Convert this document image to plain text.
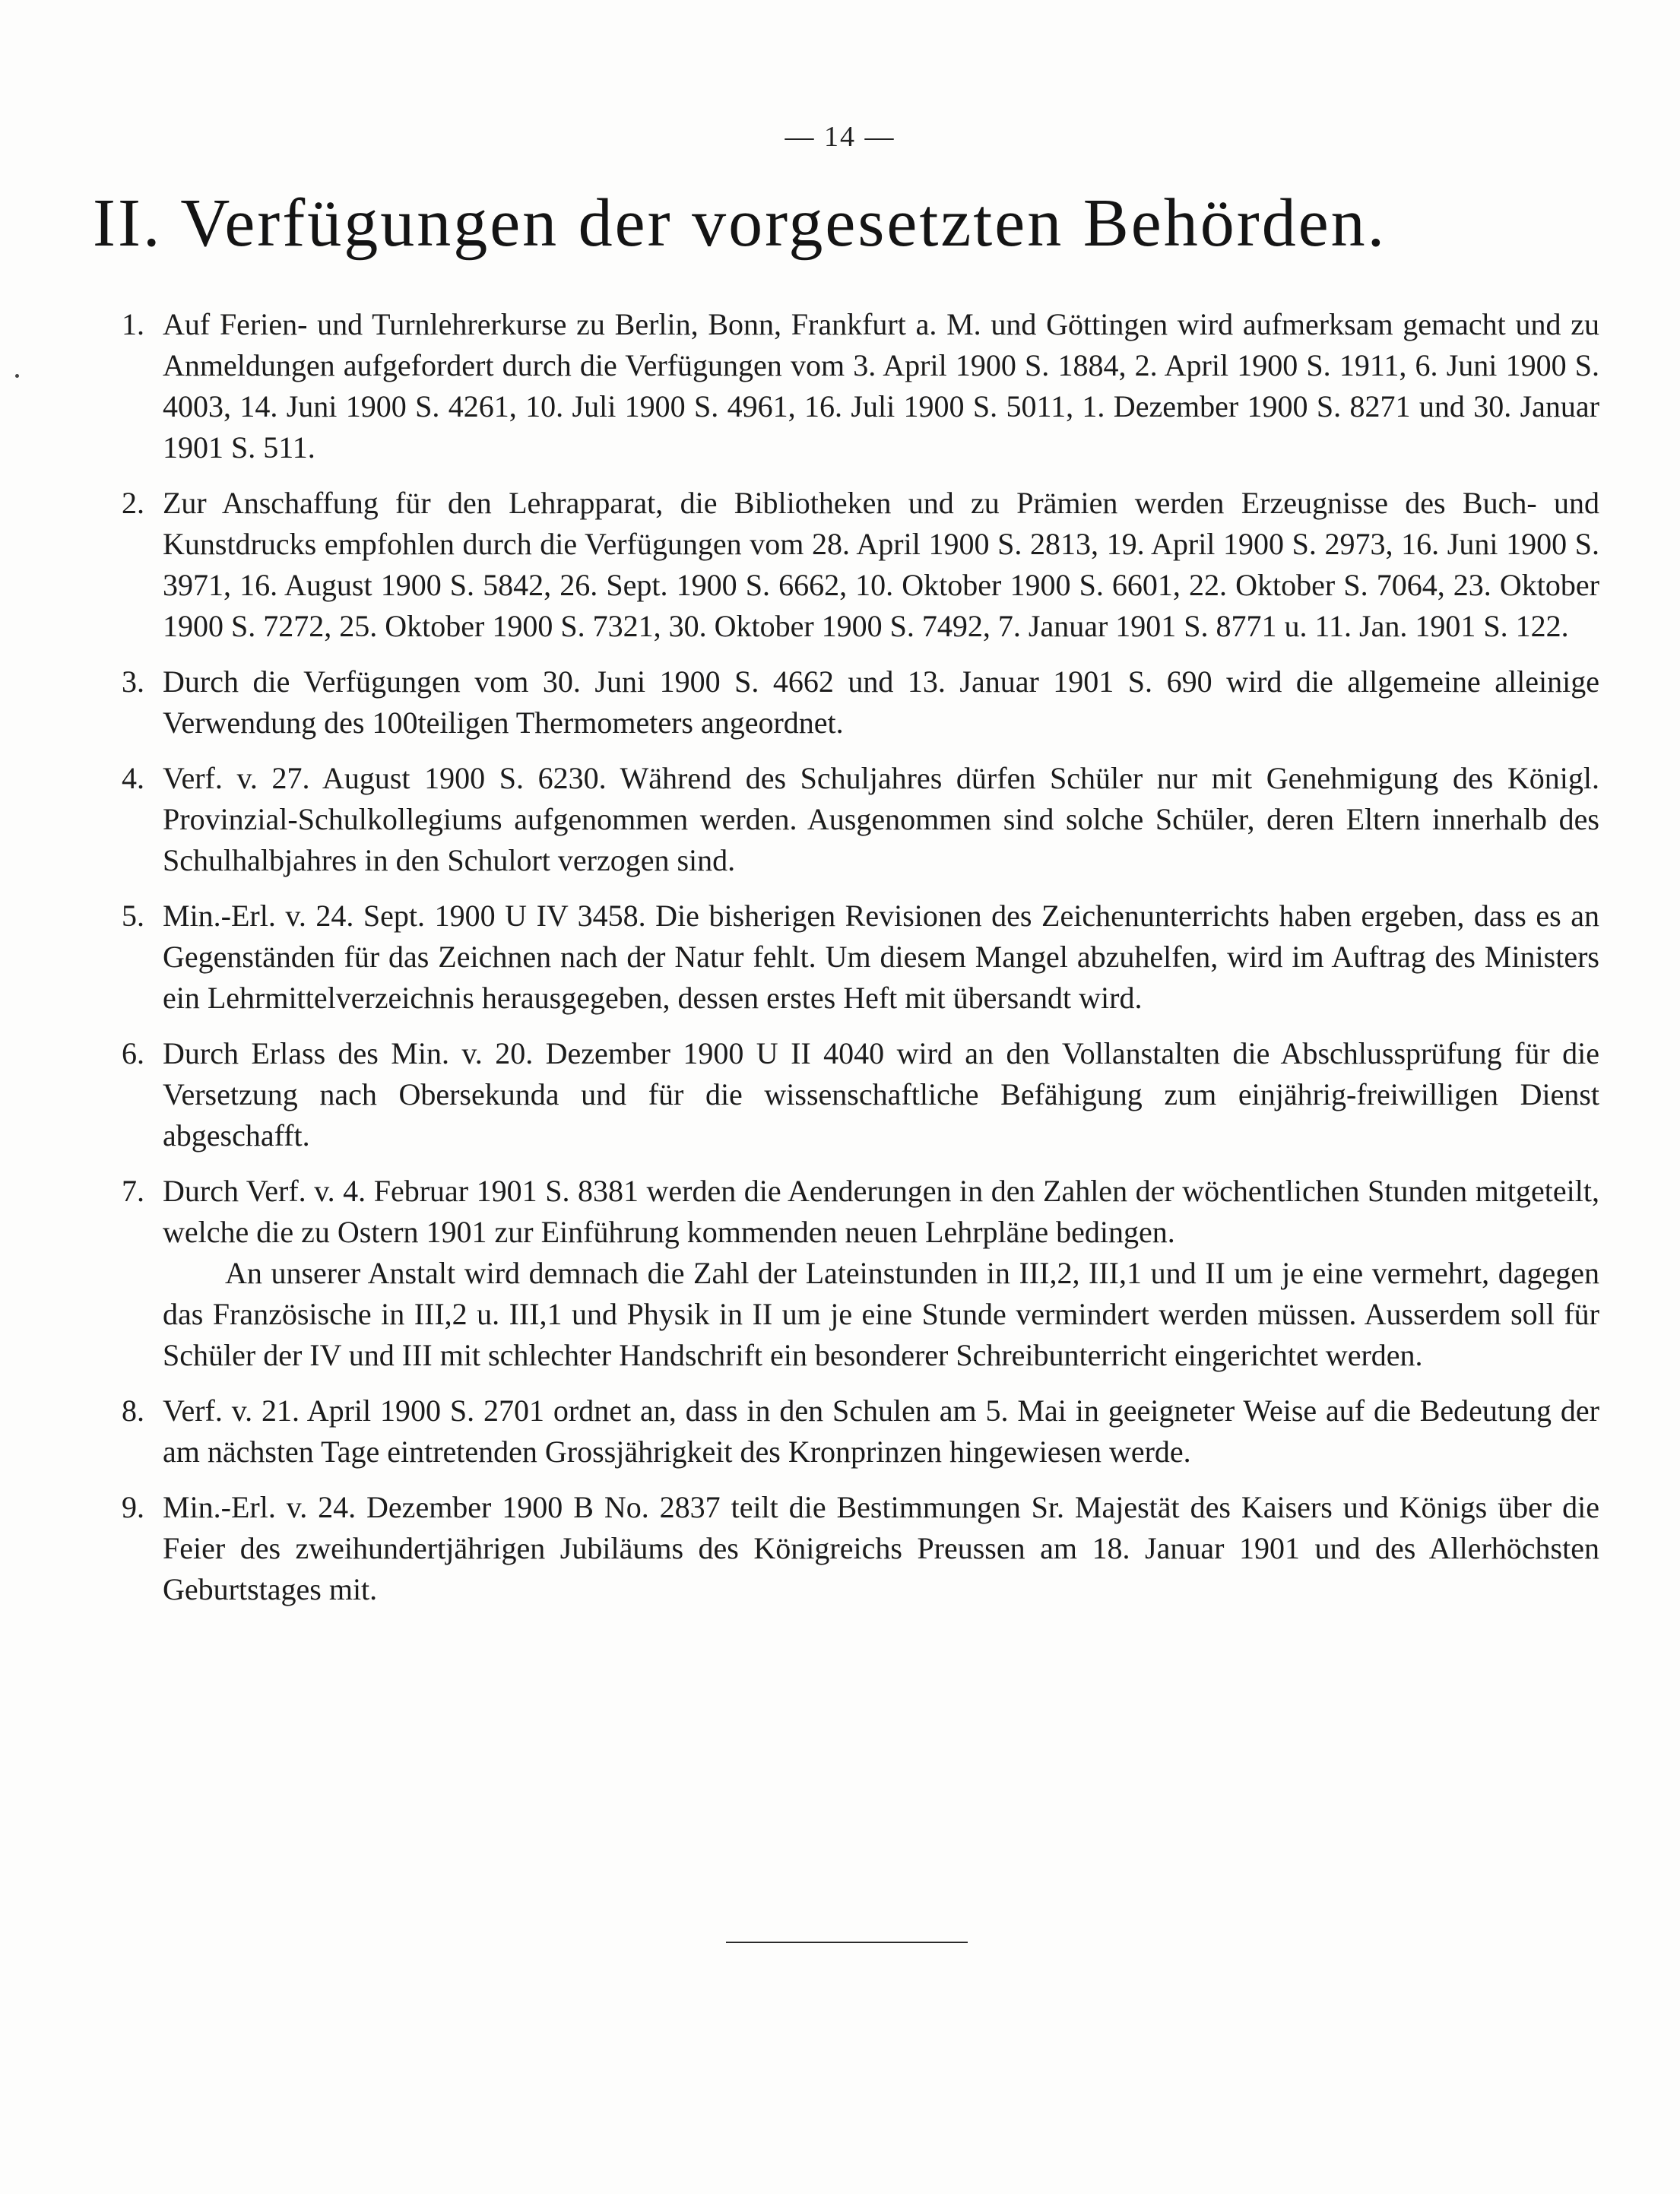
— 14 —
II. Verfügungen der vorgesetzten Behörden.
1. Auf Ferien- und Turnlehrerkurse zu Berlin, Bonn, Frankfurt a. M. und Göttingen wird aufmerksam gemacht und zu Anmeldungen aufgefordert durch die Verfügungen vom 3. April 1900 S. 1884, 2. April 1900 S. 1911, 6. Juni 1900 S. 4003, 14. Juni 1900 S. 4261, 10. Juli 1900 S. 4961, 16. Juli 1900 S. 5011, 1. Dezember 1900 S. 8271 und 30. Januar 1901 S. 511.
2. Zur Anschaffung für den Lehrapparat, die Bibliotheken und zu Prämien werden Erzeugnisse des Buch- und Kunstdrucks empfohlen durch die Verfügungen vom 28. April 1900 S. 2813, 19. April 1900 S. 2973, 16. Juni 1900 S. 3971, 16. August 1900 S. 5842, 26. Sept. 1900 S. 6662, 10. Oktober 1900 S. 6601, 22. Oktober S. 7064, 23. Oktober 1900 S. 7272, 25. Oktober 1900 S. 7321, 30. Oktober 1900 S. 7492, 7. Januar 1901 S. 8771 u. 11. Jan. 1901 S. 122.
3. Durch die Verfügungen vom 30. Juni 1900 S. 4662 und 13. Januar 1901 S. 690 wird die allgemeine alleinige Verwendung des 100teiligen Thermometers angeordnet.
4. Verf. v. 27. August 1900 S. 6230. Während des Schuljahres dürfen Schüler nur mit Genehmigung des Königl. Provinzial-Schulkollegiums aufgenommen werden. Ausgenommen sind solche Schüler, deren Eltern innerhalb des Schulhalbjahres in den Schulort verzogen sind.
5. Min.-Erl. v. 24. Sept. 1900 U IV 3458. Die bisherigen Revisionen des Zeichenunterrichts haben ergeben, dass es an Gegenständen für das Zeichnen nach der Natur fehlt. Um diesem Mangel abzuhelfen, wird im Auftrag des Ministers ein Lehrmittelverzeichnis herausgegeben, dessen erstes Heft mit übersandt wird.
6. Durch Erlass des Min. v. 20. Dezember 1900 U II 4040 wird an den Vollanstalten die Abschlussprüfung für die Versetzung nach Obersekunda und für die wissenschaftliche Befähigung zum einjährig-freiwilligen Dienst abgeschafft.
7. Durch Verf. v. 4. Februar 1901 S. 8381 werden die Aenderungen in den Zahlen der wöchentlichen Stunden mitgeteilt, welche die zu Ostern 1901 zur Einführung kommenden neuen Lehrpläne bedingen.
An unserer Anstalt wird demnach die Zahl der Lateinstunden in III,2, III,1 und II um je eine vermehrt, dagegen das Französische in III,2 u. III,1 und Physik in II um je eine Stunde vermindert werden müssen. Ausserdem soll für Schüler der IV und III mit schlechter Handschrift ein besonderer Schreibunterricht eingerichtet werden.
8. Verf. v. 21. April 1900 S. 2701 ordnet an, dass in den Schulen am 5. Mai in geeigneter Weise auf die Bedeutung der am nächsten Tage eintretenden Grossjährigkeit des Kronprinzen hingewiesen werde.
9. Min.-Erl. v. 24. Dezember 1900 B No. 2837 teilt die Bestimmungen Sr. Majestät des Kaisers und Königs über die Feier des zweihundertjährigen Jubiläums des Königreichs Preussen am 18. Januar 1901 und des Allerhöchsten Geburtstages mit.
